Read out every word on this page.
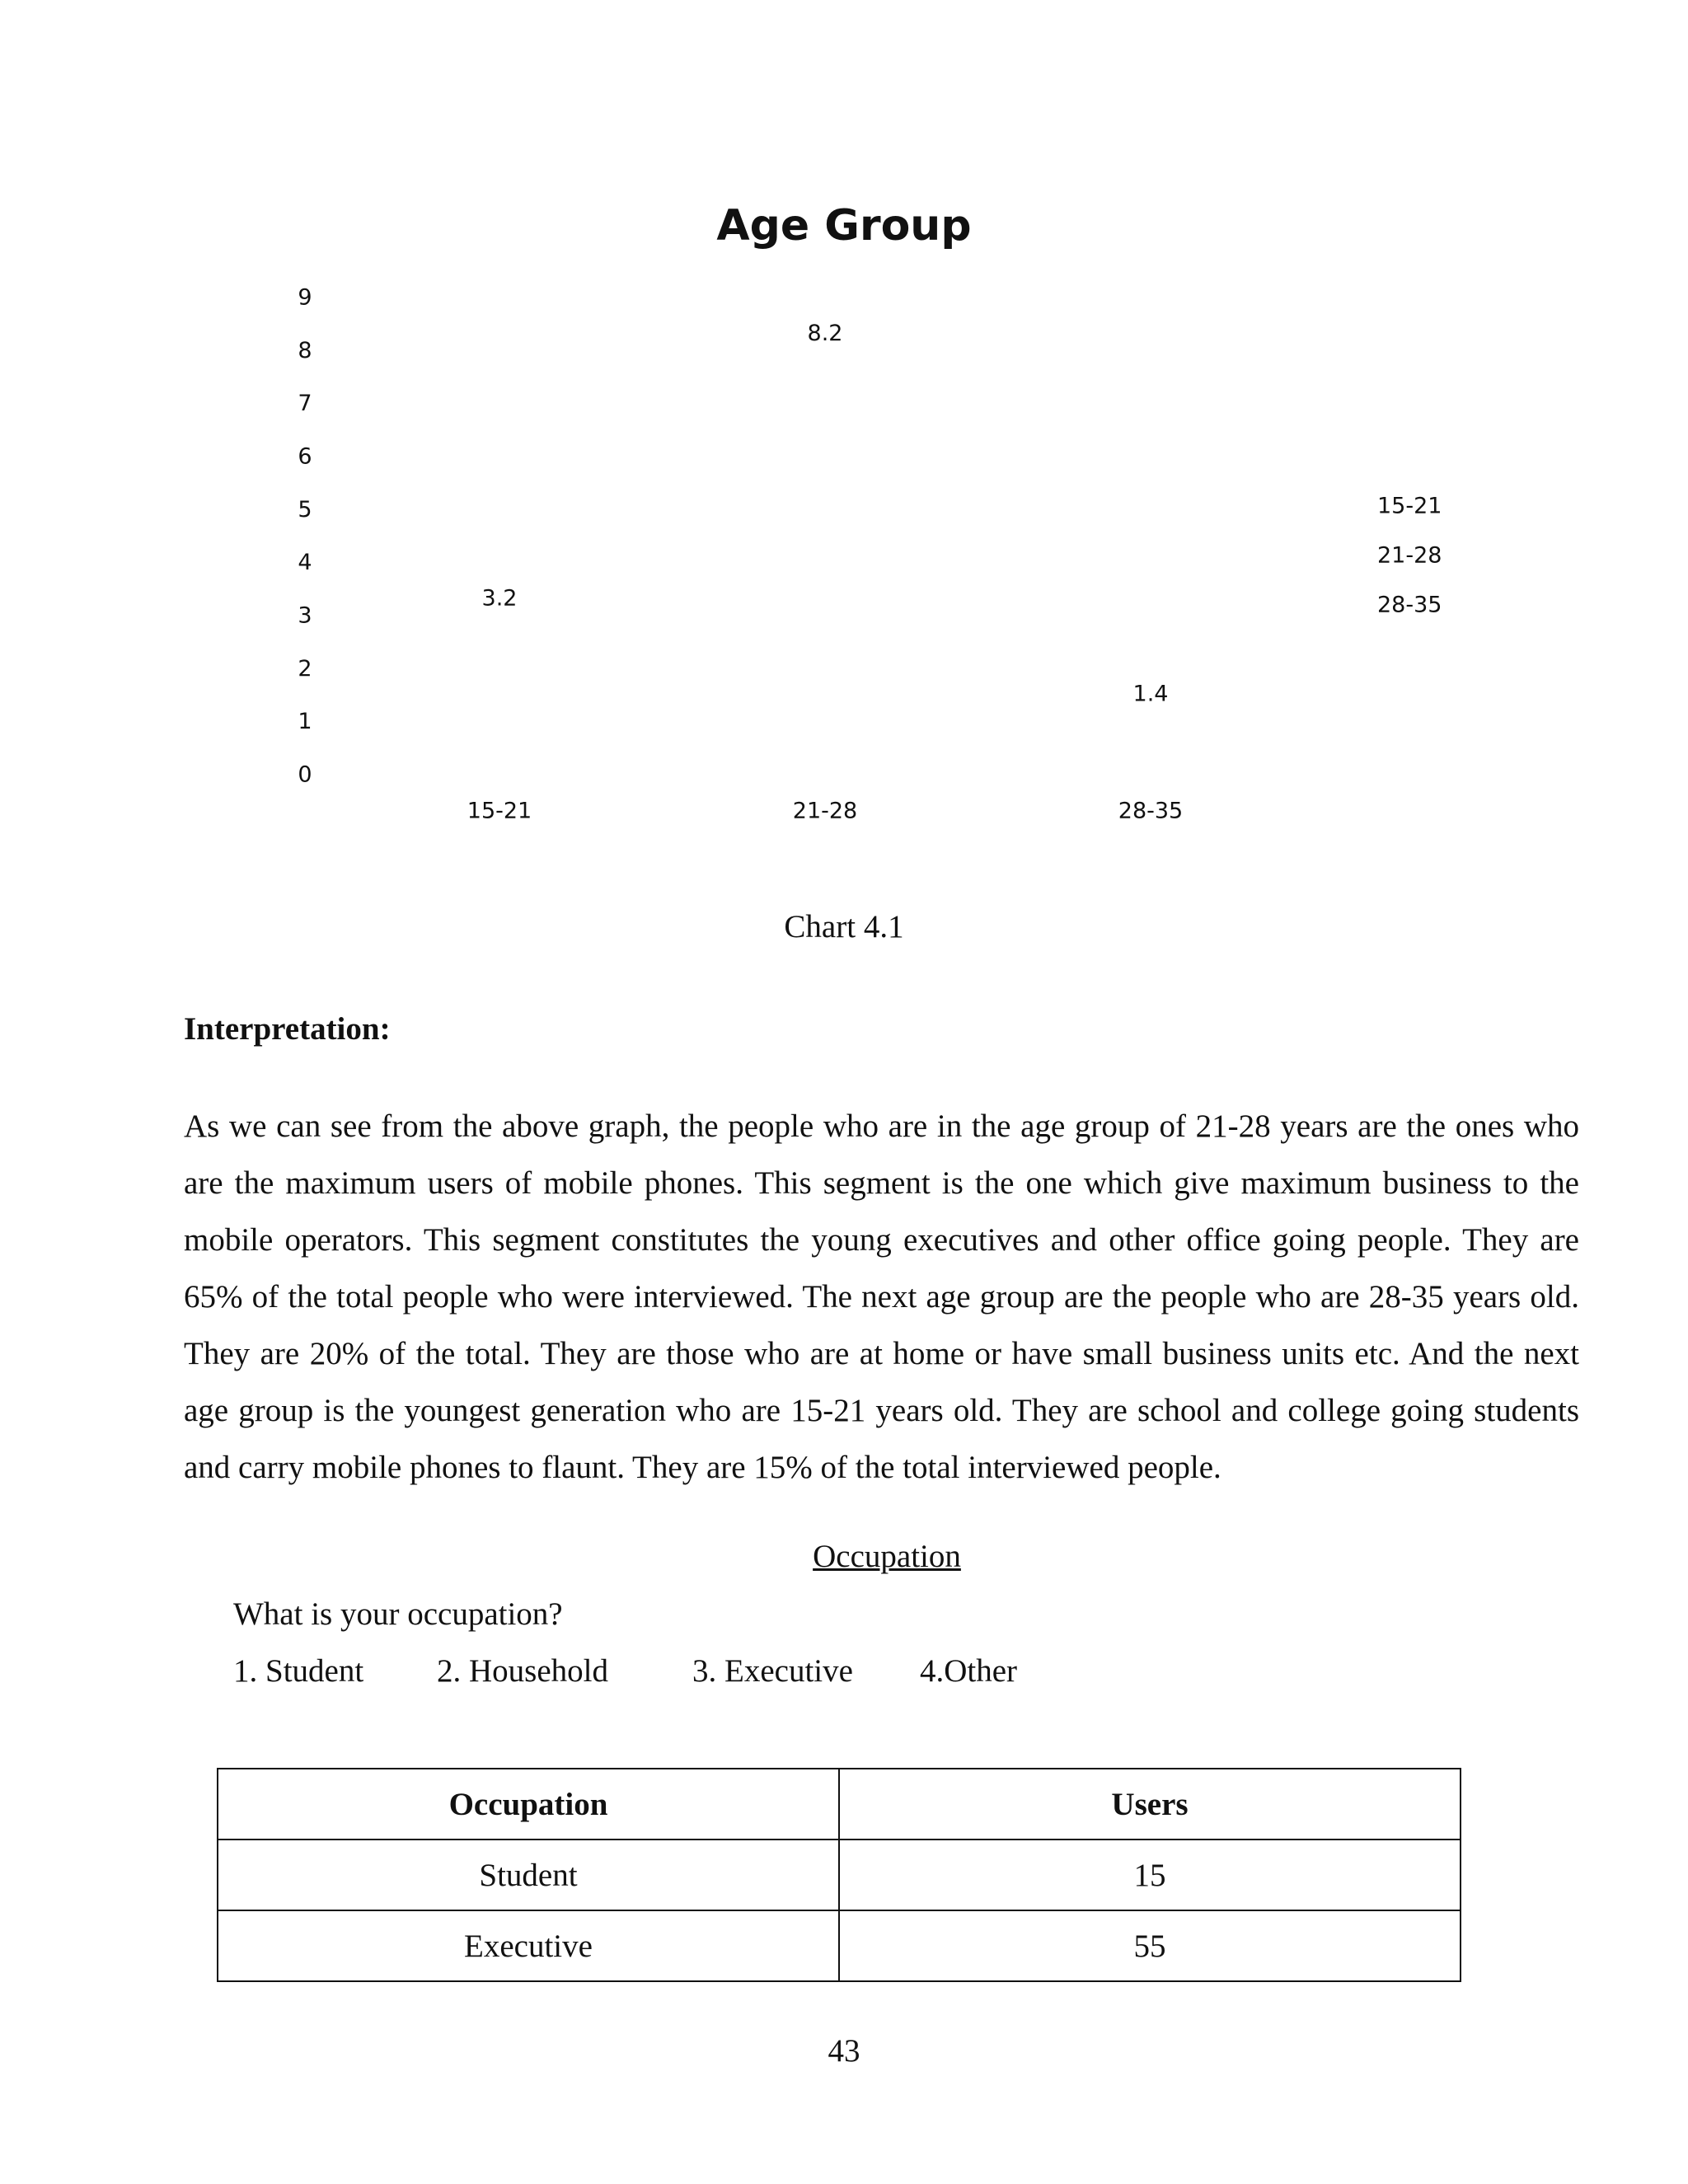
Age Group
0
1
2
3
4
5
6
7
8
9
15-21	21-28	28-35
3.2
8.2
1.4
15-21
21-28
28-35
Chart 4.1
Interpretation:

As we can see from the above graph, the people who are in the age group of 21-28 years are the ones who are the maximum users of mobile phones. This segment is the one which give maximum business to the mobile operators. This segment constitutes the young executives and other office going people. They are 65% of the total people who were interviewed. The next age group are the people who are 28-35 years old. They are 20% of the total. They are those who are at home or have small business units etc. And the next age group is the youngest generation who are 15-21 years old. They are school and college going students and carry mobile phones to flaunt. They are 15% of the total interviewed people.

Occupation
What is your occupation?
1. Student 2. Household	3. Executive 4.Other
Occupation	Users
Student	15
Executive	55
43
